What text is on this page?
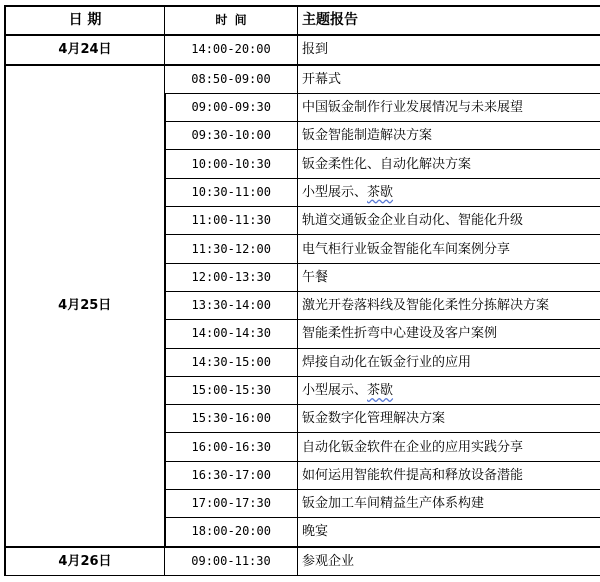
日 期	时 间	主题报告
4月24日	14:00-20:00	报到
4月25日	08:50-09:00	开幕式
	09:00-09:30	中国钣金制作行业发展情况与未来展望
	09:30-10:00	钣金智能制造解决方案
	10:00-10:30	钣金柔性化、自动化解决方案
	10:30-11:00	小型展示、茶歇
	11:00-11:30	轨道交通钣金企业自动化、智能化升级
	11:30-12:00	电气柜行业钣金智能化车间案例分享
	12:00-13:30	午餐
	13:30-14:00	激光开卷落料线及智能化柔性分拣解决方案
	14:00-14:30	智能柔性折弯中心建设及客户案例
	14:30-15:00	焊接自动化在钣金行业的应用
	15:00-15:30	小型展示、茶歇
	15:30-16:00	钣金数字化管理解决方案
	16:00-16:30	自动化钣金软件在企业的应用实践分享
	16:30-17:00	如何运用智能软件提高和释放设备潜能
	17:00-17:30	钣金加工车间精益生产体系构建
	18:00-20:00	晚宴
4月26日	09:00-11:30	参观企业
